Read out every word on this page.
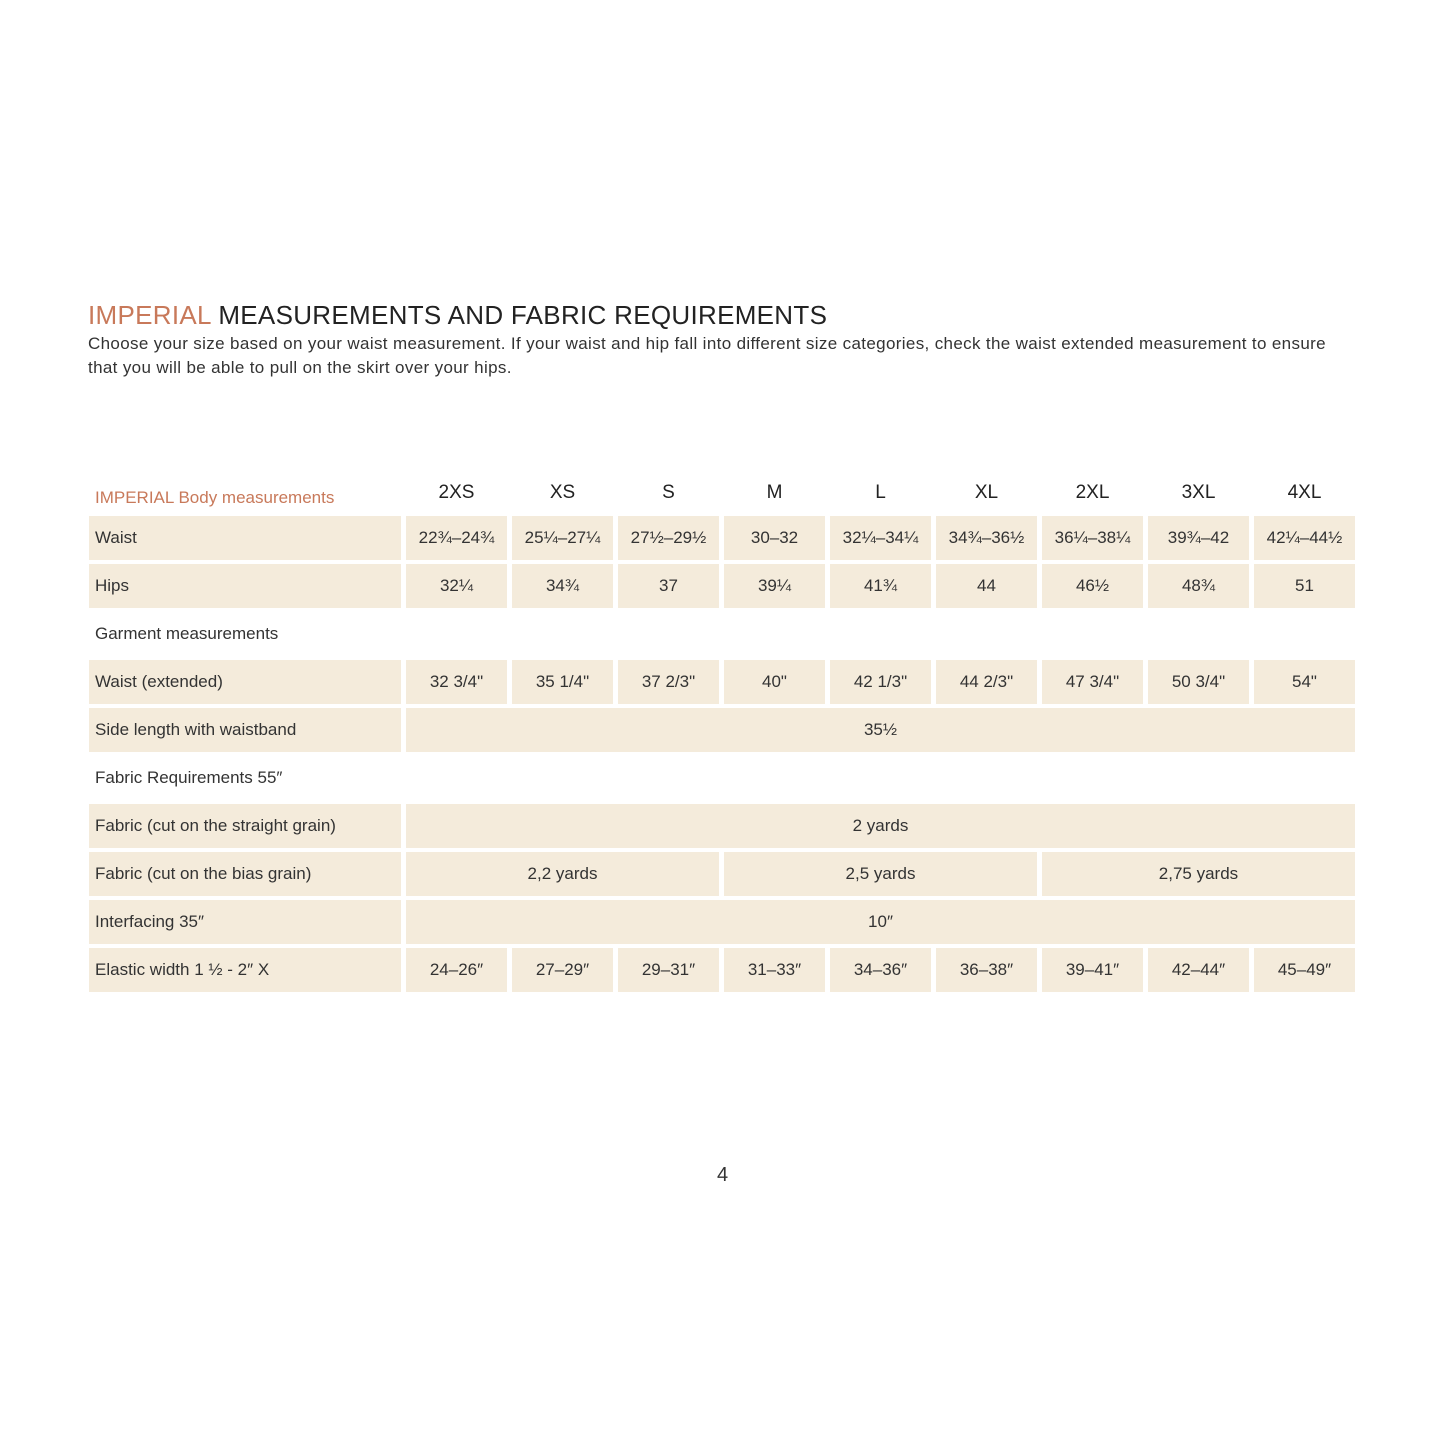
IMPERIAL MEASUREMENTS AND FABRIC REQUIREMENTS

Choose your size based on your waist measurement. If your waist and hip fall into different size categories, check the waist extended measurement to ensure that you will be able to pull on the skirt over your hips.

IMPERIAL Body measurements	2XS	XS	S	M	L	XL	2XL	3XL	4XL
Waist	22¾–24¾	25¼–27¼	27½–29½	30–32	32¼–34¼	34¾–36½	36¼–38¼	39¾–42	42¼–44½
Hips	32¼	34¾	37	39¼	41¾	44	46½	48¾	51
Garment measurements									
Waist (extended)	32 3/4"	35 1/4"	37 2/3"	40"	42 1/3"	44 2/3"	47 3/4"	50 3/4"	54"
Side length with waistband	35½								
Fabric Requirements 55″									
Fabric (cut on the straight grain)	2 yards								
Fabric (cut on the bias grain)	2,2 yards			2,5 yards			2,75 yards		
Interfacing 35″	10″								
Elastic width 1 ½ - 2″ X	24–26″	27–29″	29–31″	31–33″	34–36″	36–38″	39–41″	42–44″	45–49″
4
